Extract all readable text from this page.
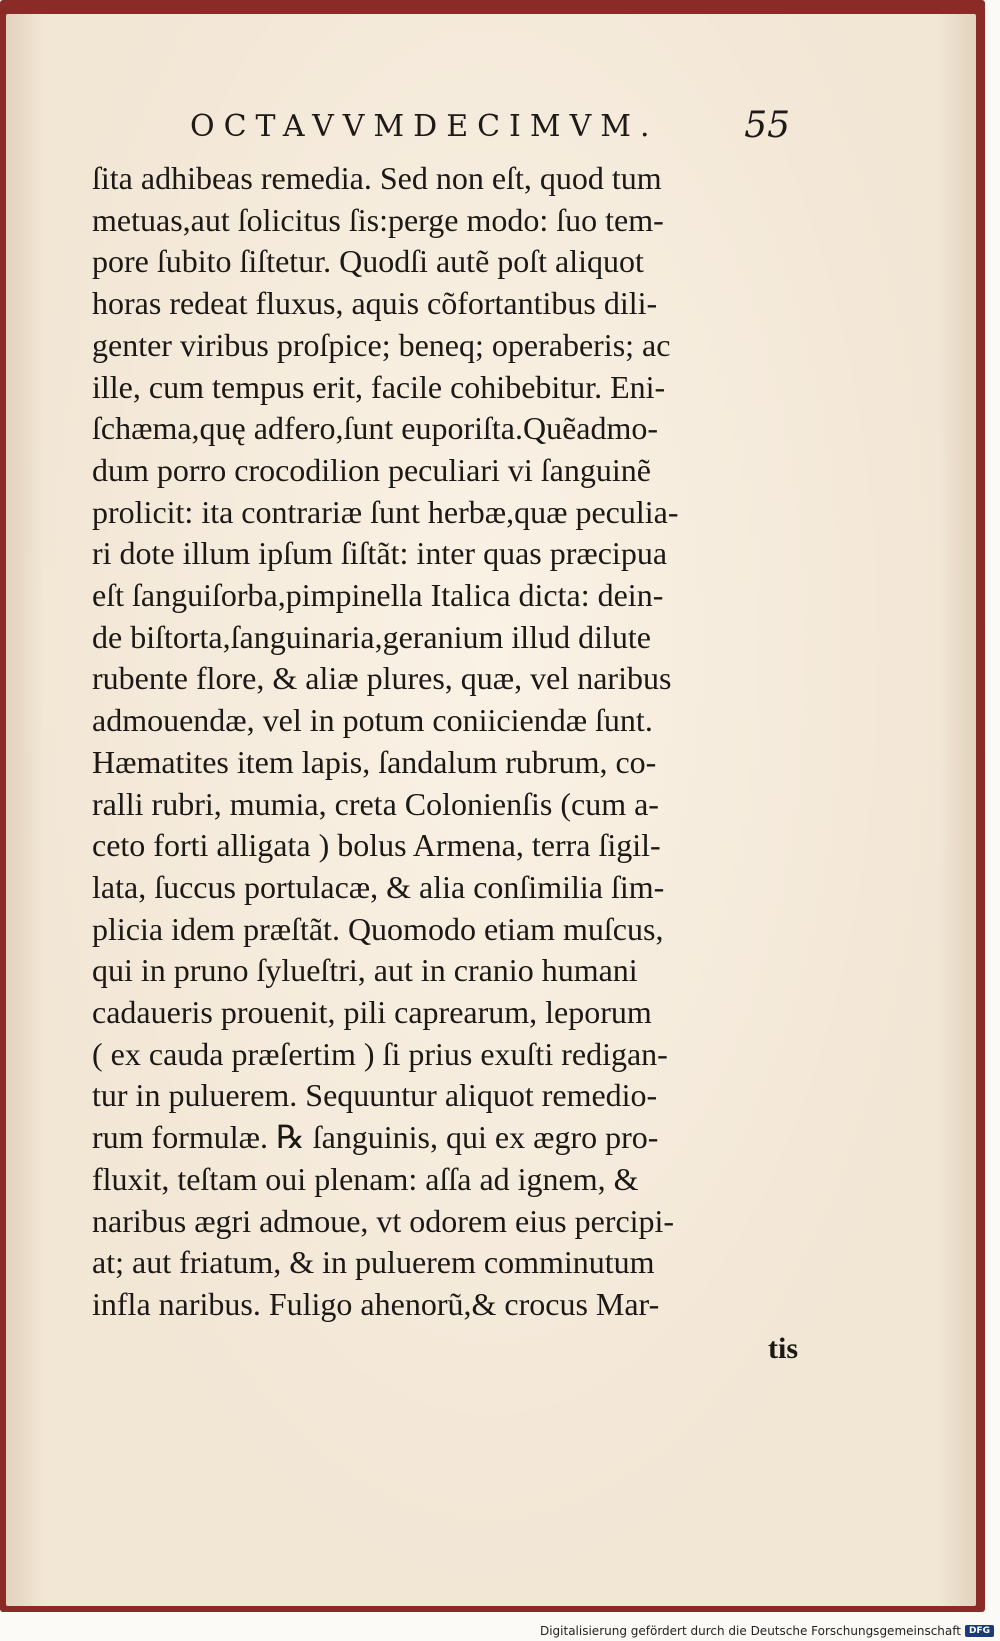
OCTAVVMDECIMVM. 55
ſita adhibeas remedia. Sed non eſt, quod tum
metuas,aut ſolicitus ſis:perge modo: ſuo tem-
pore ſubito ſiſtetur. Quodſi autẽ poſt aliquot
horas redeat fluxus, aquis cõfortantibus dili-
genter viribus proſpice; beneq; operaberis; ac
ille, cum tempus erit, facile cohibebitur. Eni-
ſchæma,quę adfero,ſunt euporiſta.Quẽadmo-
dum porro crocodilion peculiari vi ſanguinẽ
prolicit: ita contrariæ ſunt herbæ,quæ peculia-
ri dote illum ipſum ſiſtãt: inter quas præcipua
eſt ſanguiſorba,pimpinella Italica dicta: dein-
de biſtorta,ſanguinaria,geranium illud dilute
rubente flore, & aliæ plures, quæ, vel naribus
admouendæ, vel in potum coniiciendæ ſunt.
Hæmatites item lapis, ſandalum rubrum, co-
ralli rubri, mumia, creta Colonienſis (cum a-
ceto forti alligata ) bolus Armena, terra ſigil-
lata, ſuccus portulacæ, & alia conſimilia ſim-
plicia idem præſtãt. Quomodo etiam muſcus,
qui in pruno ſylueſtri, aut in cranio humani
cadaueris prouenit, pili caprearum, leporum
( ex cauda præſertim ) ſi prius exuſti redigan-
tur in puluerem. Sequuntur aliquot remedio-
rum formulæ. ℞ ſanguinis, qui ex ægro pro-
fluxit, teſtam oui plenam: aſſa ad ignem, &
naribus ægri admoue, vt odorem eius percipi-
at; aut friatum, & in puluerem comminutum
infla naribus. Fuligo ahenorũ,& crocus Mar-
tis
Digitalisierung gefördert durch die Deutsche Forschungsgemeinschaft DFG
